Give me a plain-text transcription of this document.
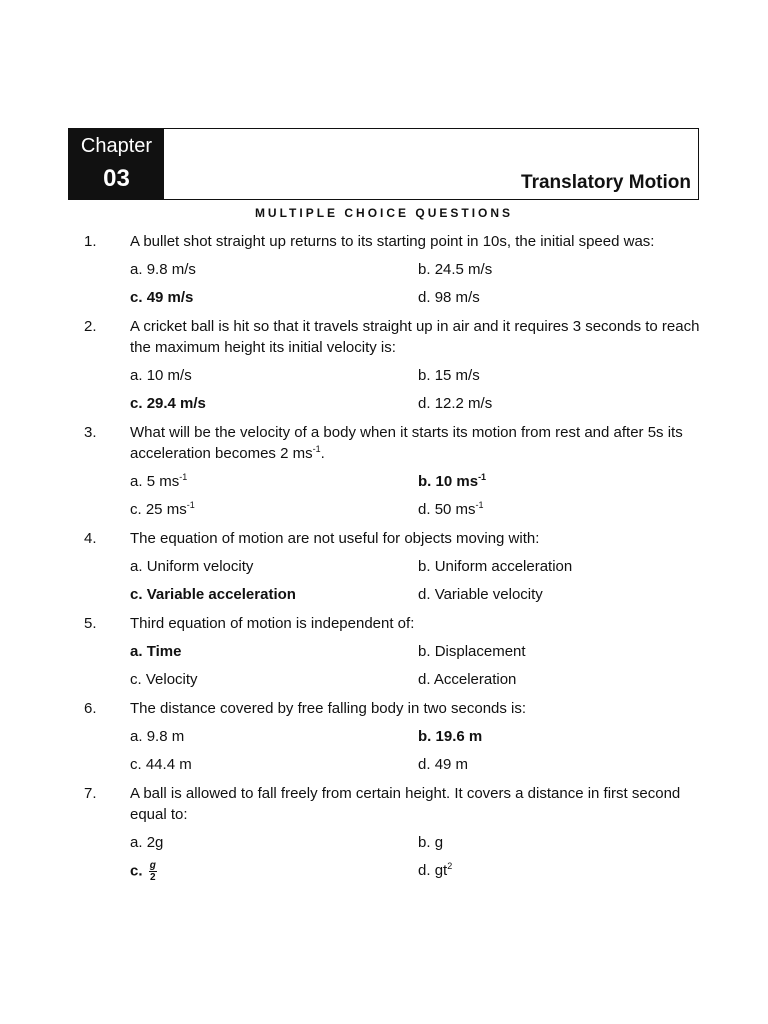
Chapter
03	Translatory Motion
MULTIPLE CHOICE QUESTIONS
1.	A bullet shot straight up returns to its starting point in 10s, the initial speed was:
a. 9.8 m/s	b. 24.5 m/s
c. 49 m/s	d. 98 m/s
2.	A cricket ball is hit so that it travels straight up in air and it requires 3 seconds to reach the maximum height its initial velocity is:
a. 10 m/s	b. 15 m/s
c. 29.4 m/s	d. 12.2 m/s
3.	What will be the velocity of a body when it starts its motion from rest and after 5s its acceleration becomes 2 $ms^{-1}$.
a. 5 $ms^{-1}$	b. 10 $ms^{-1}$
c. 25 $ms^{-1}$	d. 50 $ms^{-1}$
4.	The equation of motion are not useful for objects moving with:
a. Uniform velocity	b. Uniform acceleration
c. Variable acceleration	d. Variable velocity
5.	Third equation of motion is independent of:
a. Time	b. Displacement
c. Velocity	d. Acceleration
6.	The distance covered by free falling body in two seconds is:
a. 9.8 m	b. 19.6 m
c. 44.4 m	d. 49 m
7.	A ball is allowed to fall freely from certain height. It covers a distance in first second equal to:
a. 2g	b. g
c. $\frac{g}{2}$	d. $gt^2$
